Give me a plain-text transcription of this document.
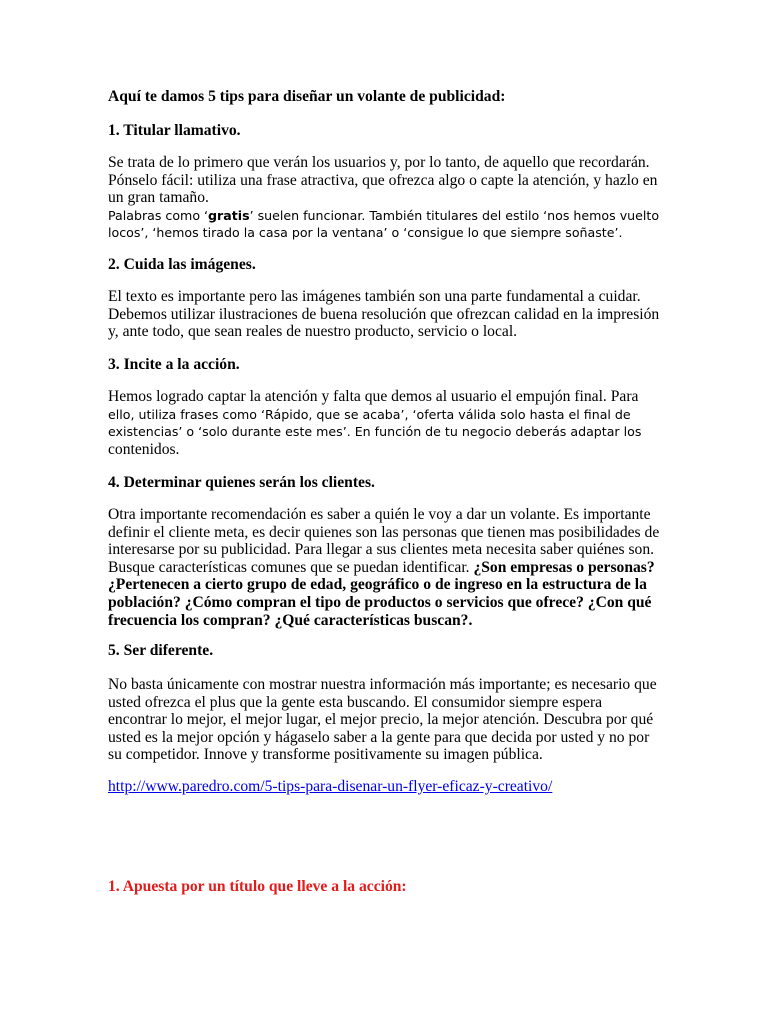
Aquí te damos 5 tips para diseñar un volante de publicidad:

1. Titular llamativo.

Se trata de lo primero que verán los usuarios y, por lo tanto, de aquello que recordarán.
Pónselo fácil: utiliza una frase atractiva, que ofrezca algo o capte la atención, y hazlo en
un gran tamaño.
Palabras como ‘gratis’ suelen funcionar. También titulares del estilo ‘nos hemos vuelto
locos’, ‘hemos tirado la casa por la ventana’ o ‘consigue lo que siempre soñaste’.

2. Cuida las imágenes.

El texto es importante pero las imágenes también son una parte fundamental a cuidar.
Debemos utilizar ilustraciones de buena resolución que ofrezcan calidad en la impresión
y, ante todo, que sean reales de nuestro producto, servicio o local.

3. Incite a la acción.

Hemos logrado captar la atención y falta que demos al usuario el empujón final. Para
ello, utiliza frases como ‘Rápido, que se acaba’, ‘oferta válida solo hasta el final de
existencias’ o ‘solo durante este mes’. En función de tu negocio deberás adaptar los
contenidos.

4. Determinar quienes serán los clientes.

Otra importante recomendación es saber a quién le voy a dar un volante. Es importante
definir el cliente meta, es decir quienes son las personas que tienen mas posibilidades de
interesarse por su publicidad. Para llegar a sus clientes meta necesita saber quiénes son.
Busque características comunes que se puedan identificar. ¿Son empresas o personas?
¿Pertenecen a cierto grupo de edad, geográfico o de ingreso en la estructura de la
población? ¿Cómo compran el tipo de productos o servicios que ofrece? ¿Con qué
frecuencia los compran? ¿Qué características buscan?.

5. Ser diferente.

No basta únicamente con mostrar nuestra información más importante; es necesario que
usted ofrezca el plus que la gente esta buscando. El consumidor siempre espera
encontrar lo mejor, el mejor lugar, el mejor precio, la mejor atención. Descubra por qué
usted es la mejor opción y hágaselo saber a la gente para que decida por usted y no por
su competidor. Innove y transforme positivamente su imagen pública.
http://www.paredro.com/5-tips-para-disenar-un-flyer-eficaz-y-creativo/

1. Apuesta por un título que lleve a la acción:
